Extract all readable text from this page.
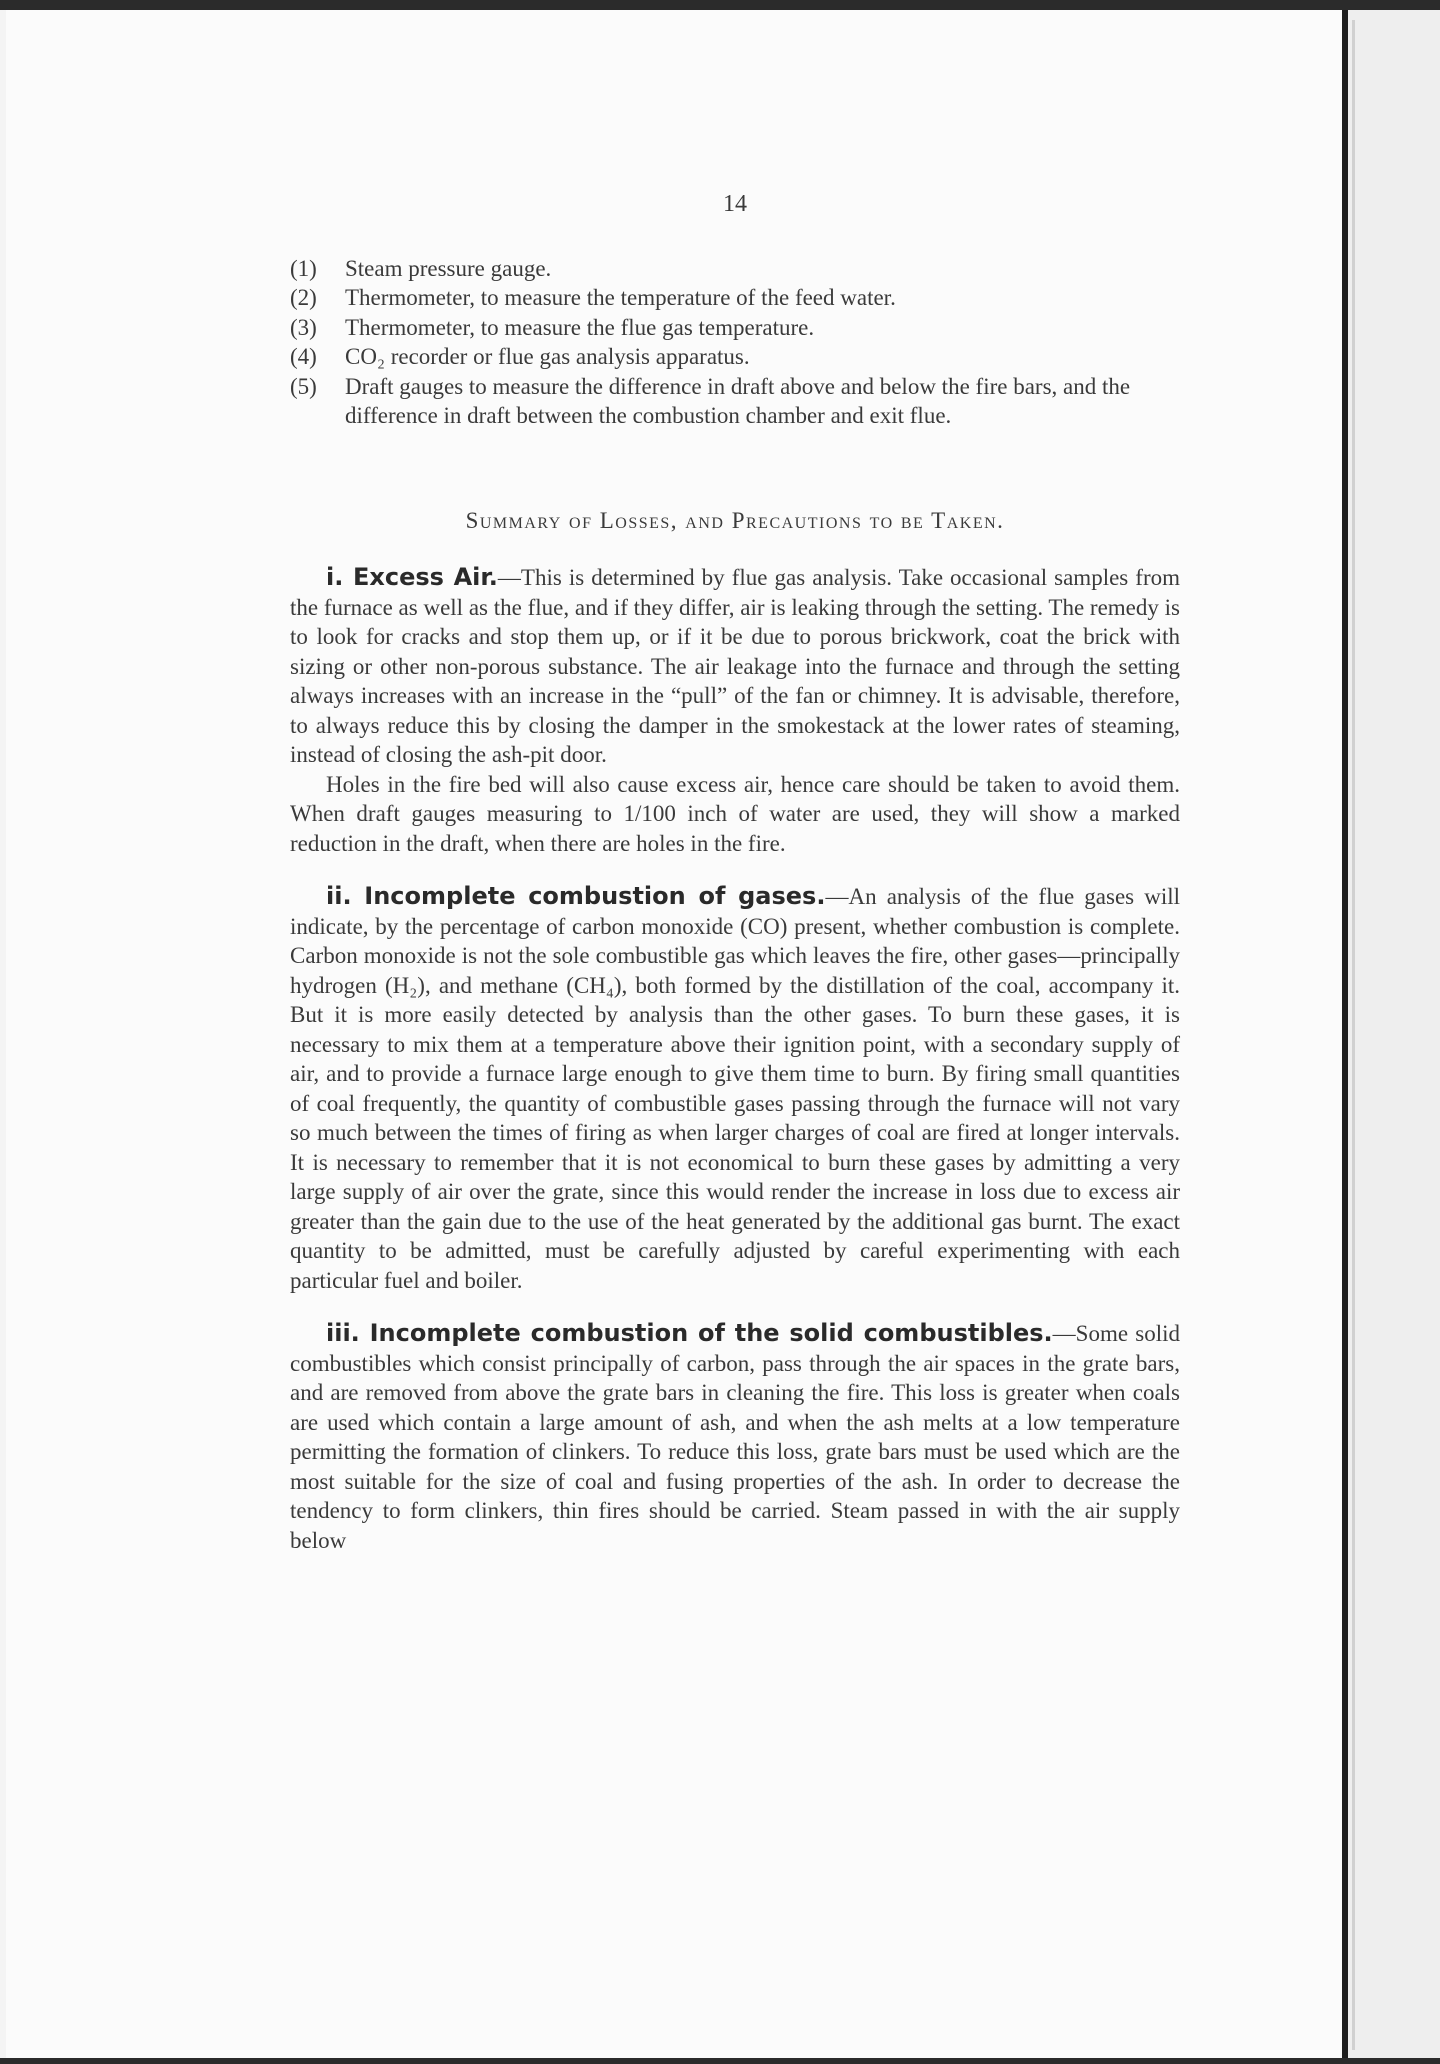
14
(1) Steam pressure gauge.
(2) Thermometer, to measure the temperature of the feed water.
(3) Thermometer, to measure the flue gas temperature.
(4) CO₂ recorder or flue gas analysis apparatus.
(5) Draft gauges to measure the difference in draft above and below the fire bars, and the difference in draft between the combustion chamber and exit flue.
Summary of Losses, and Precautions to be Taken.

i. Excess Air.—This is determined by flue gas analysis. Take occasional samples from the furnace as well as the flue, and if they differ, air is leaking through the setting. The remedy is to look for cracks and stop them up, or if it be due to porous brickwork, coat the brick with sizing or other non-porous substance. The air leakage into the furnace and through the setting always increases with an increase in the “pull” of the fan or chimney. It is advisable, therefore, to always reduce this by closing the damper in the smokestack at the lower rates of steaming, instead of closing the ash-pit door.

Holes in the fire bed will also cause excess air, hence care should be taken to avoid them. When draft gauges measuring to 1/100 inch of water are used, they will show a marked reduction in the draft, when there are holes in the fire.

ii. Incomplete combustion of gases.—An analysis of the flue gases will indicate, by the percentage of carbon monoxide (CO) present, whether combustion is complete. Carbon monoxide is not the sole combustible gas which leaves the fire, other gases—principally hydrogen (H₂), and methane (CH₄), both formed by the distillation of the coal, accompany it. But it is more easily detected by analysis than the other gases. To burn these gases, it is necessary to mix them at a temperature above their ignition point, with a secondary supply of air, and to provide a furnace large enough to give them time to burn. By firing small quantities of coal frequently, the quantity of combustible gases passing through the furnace will not vary so much between the times of firing as when larger charges of coal are fired at longer intervals. It is necessary to remember that it is not economical to burn these gases by admitting a very large supply of air over the grate, since this would render the increase in loss due to excess air greater than the gain due to the use of the heat generated by the additional gas burnt. The exact quantity to be admitted, must be carefully adjusted by careful experimenting with each particular fuel and boiler.

iii. Incomplete combustion of the solid combustibles.—Some solid combustibles which consist principally of carbon, pass through the air spaces in the grate bars, and are removed from above the grate bars in cleaning the fire. This loss is greater when coals are used which contain a large amount of ash, and when the ash melts at a low temperature permitting the formation of clinkers. To reduce this loss, grate bars must be used which are the most suitable for the size of coal and fusing properties of the ash. In order to decrease the tendency to form clinkers, thin fires should be carried. Steam passed in with the air supply below
